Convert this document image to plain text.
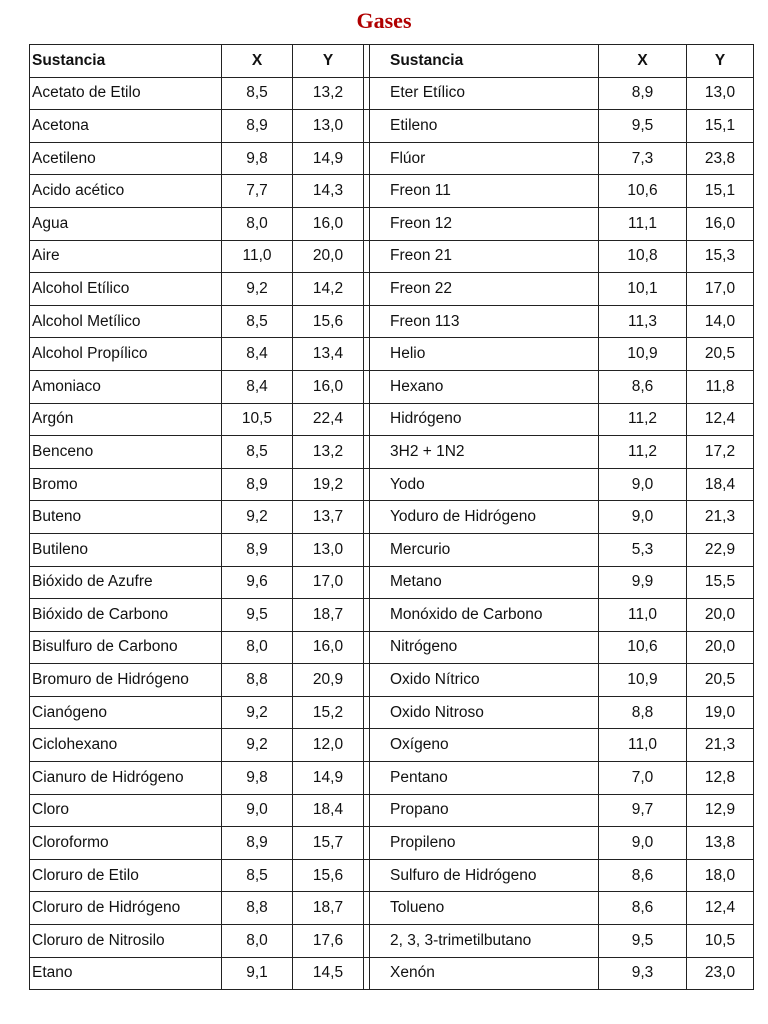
Gases
Sustancia	X	Y		Sustancia	X	Y
Acetato de Etilo	8,5	13,2		Eter Etílico	8,9	13,0
Acetona	8,9	13,0		Etileno	9,5	15,1
Acetileno	9,8	14,9		Flúor	7,3	23,8
Acido acético	7,7	14,3		Freon 11	10,6	15,1
Agua	8,0	16,0		Freon 12	11,1	16,0
Aire	11,0	20,0		Freon 21	10,8	15,3
Alcohol Etílico	9,2	14,2		Freon 22	10,1	17,0
Alcohol Metílico	8,5	15,6		Freon 113	11,3	14,0
Alcohol Propílico	8,4	13,4		Helio	10,9	20,5
Amoniaco	8,4	16,0		Hexano	8,6	11,8
Argón	10,5	22,4		Hidrógeno	11,2	12,4
Benceno	8,5	13,2		3H2 + 1N2	11,2	17,2
Bromo	8,9	19,2		Yodo	9,0	18,4
Buteno	9,2	13,7		Yoduro de Hidrógeno	9,0	21,3
Butileno	8,9	13,0		Mercurio	5,3	22,9
Bióxido de Azufre	9,6	17,0		Metano	9,9	15,5
Bióxido de Carbono	9,5	18,7		Monóxido de Carbono	11,0	20,0
Bisulfuro de Carbono	8,0	16,0		Nitrógeno	10,6	20,0
Bromuro de Hidrógeno	8,8	20,9		Oxido Nítrico	10,9	20,5
Cianógeno	9,2	15,2		Oxido Nitroso	8,8	19,0
Ciclohexano	9,2	12,0		Oxígeno	11,0	21,3
Cianuro de Hidrógeno	9,8	14,9		Pentano	7,0	12,8
Cloro	9,0	18,4		Propano	9,7	12,9
Cloroformo	8,9	15,7		Propileno	9,0	13,8
Cloruro de Etilo	8,5	15,6		Sulfuro de Hidrógeno	8,6	18,0
Cloruro de Hidrógeno	8,8	18,7		Tolueno	8,6	12,4
Cloruro de Nitrosilo	8,0	17,6		2, 3, 3-trimetilbutano	9,5	10,5
Etano	9,1	14,5		Xenón	9,3	23,0
